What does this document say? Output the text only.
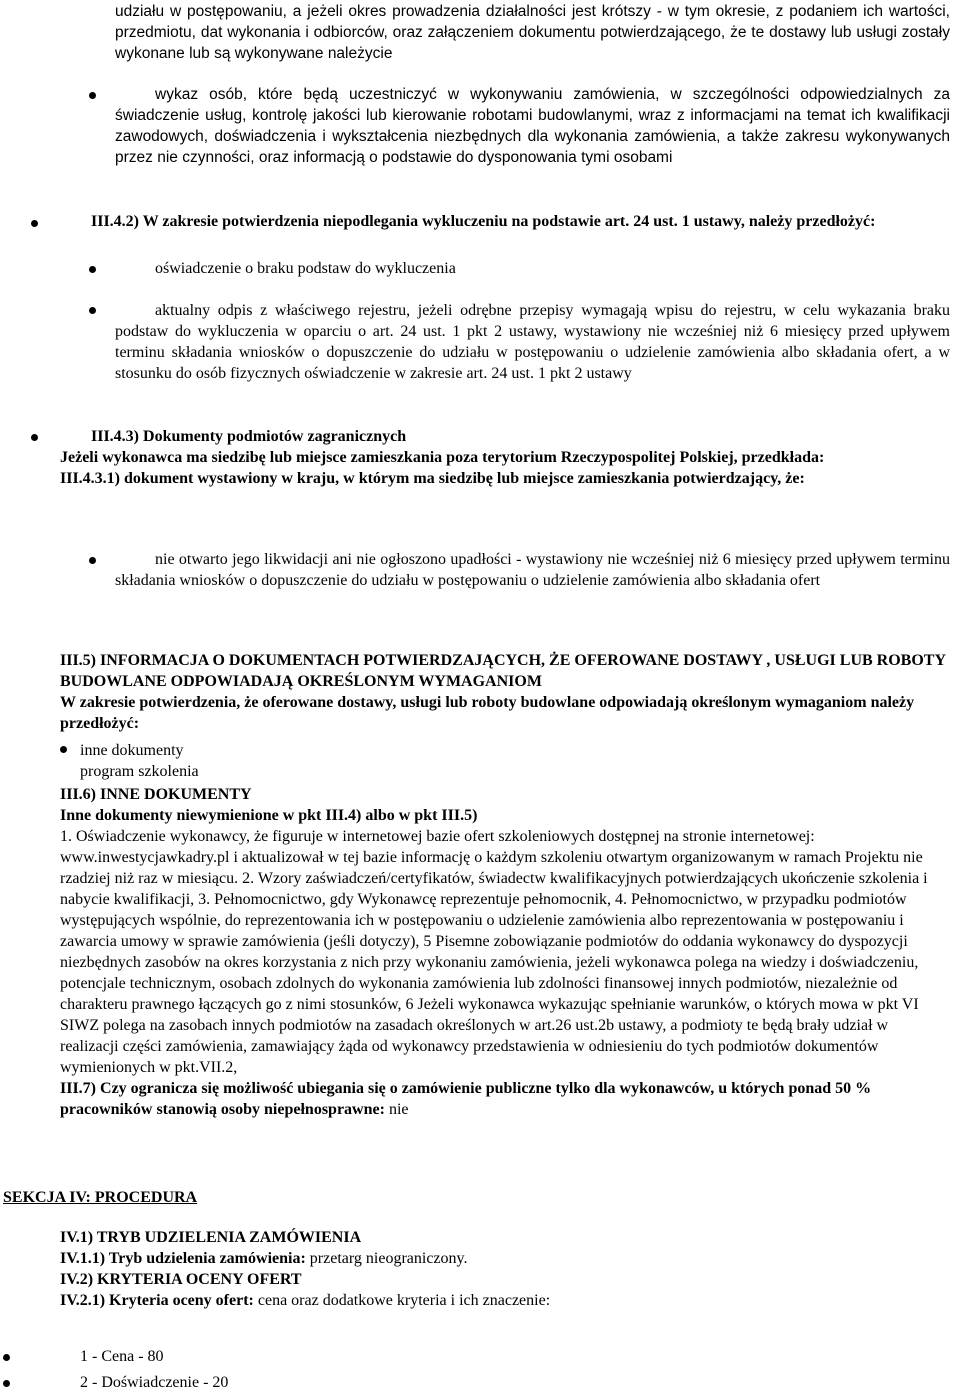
udziału w postępowaniu, a jeżeli okres prowadzenia działalności jest krótszy - w tym okresie, z podaniem ich wartości, przedmiotu, dat wykonania i odbiorców, oraz załączeniem dokumentu potwierdzającego, że te dostawy lub usługi zostały wykonane lub są wykonywane należycie

wykaz osób, które będą uczestniczyć w wykonywaniu zamówienia, w szczególności odpowiedzialnych za świadczenie usług, kontrolę jakości lub kierowanie robotami budowlanymi, wraz z informacjami na temat ich kwalifikacji zawodowych, doświadczenia i wykształcenia niezbędnych dla wykonania zamówienia, a także zakresu wykonywanych przez nie czynności, oraz informacją o podstawie do dysponowania tymi osobami

III.4.2) W zakresie potwierdzenia niepodlegania wykluczeniu na podstawie art. 24 ust. 1 ustawy, należy przedłożyć:

oświadczenie o braku podstaw do wykluczenia

aktualny odpis z właściwego rejestru, jeżeli odrębne przepisy wymagają wpisu do rejestru, w celu wykazania braku podstaw do wykluczenia w oparciu o art. 24 ust. 1 pkt 2 ustawy, wystawiony nie wcześniej niż 6 miesięcy przed upływem terminu składania wniosków o dopuszczenie do udziału w postępowaniu o udzielenie zamówienia albo składania ofert, a w stosunku do osób fizycznych oświadczenie w zakresie art. 24 ust. 1 pkt 2 ustawy

III.4.3) Dokumenty podmiotów zagranicznych

Jeżeli wykonawca ma siedzibę lub miejsce zamieszkania poza terytorium Rzeczypospolitej Polskiej, przedkłada:

III.4.3.1) dokument wystawiony w kraju, w którym ma siedzibę lub miejsce zamieszkania potwierdzający, że:

nie otwarto jego likwidacji ani nie ogłoszono upadłości - wystawiony nie wcześniej niż 6 miesięcy przed upływem terminu składania wniosków o dopuszczenie do udziału w postępowaniu o udzielenie zamówienia albo składania ofert

III.5) INFORMACJA O DOKUMENTACH POTWIERDZAJĄCYCH, ŻE OFEROWANE DOSTAWY , USŁUGI LUB ROBOTY BUDOWLANE ODPOWIADAJĄ OKREŚLONYM WYMAGANIOM

W zakresie potwierdzenia, że oferowane dostawy, usługi lub roboty budowlane odpowiadają określonym wymaganiom należy przedłożyć:

inne dokumenty

program szkolenia

III.6) INNE DOKUMENTY

Inne dokumenty niewymienione w pkt III.4) albo w pkt III.5)

1. Oświadczenie wykonawcy, że figuruje w internetowej bazie ofert szkoleniowych dostępnej na stronie internetowej: www.inwestycjawkadry.pl i aktualizował w tej bazie informację o każdym szkoleniu otwartym organizowanym w ramach Projektu nie rzadziej niż raz w miesiącu. 2. Wzory zaświadczeń/certyfikatów, świadectw kwalifikacyjnych potwierdzających ukończenie szkolenia i nabycie kwalifikacji, 3. Pełnomocnictwo, gdy Wykonawcę reprezentuje pełnomocnik, 4. Pełnomocnictwo, w przypadku podmiotów występujących wspólnie, do reprezentowania ich w postępowaniu o udzielenie zamówienia albo reprezentowania w postępowaniu i zawarcia umowy w sprawie zamówienia (jeśli dotyczy), 5 Pisemne zobowiązanie podmiotów do oddania wykonawcy do dyspozycji niezbędnych zasobów na okres korzystania z nich przy wykonaniu zamówienia, jeżeli wykonawca polega na wiedzy i doświadczeniu, potencjale technicznym, osobach zdolnych do wykonania zamówienia lub zdolności finansowej innych podmiotów, niezależnie od charakteru prawnego łączących go z nimi stosunków, 6 Jeżeli wykonawca wykazując spełnianie warunków, o których mowa w pkt VI SIWZ polega na zasobach innych podmiotów na zasadach określonych w art.26 ust.2b ustawy, a podmioty te będą brały udział w realizacji części zamówienia, zamawiający żąda od wykonawcy przedstawienia w odniesieniu do tych podmiotów dokumentów wymienionych w pkt.VII.2,

III.7) Czy ogranicza się możliwość ubiegania się o zamówienie publiczne tylko dla wykonawców, u których ponad 50 % pracowników stanowią osoby niepełnosprawne: nie

SEKCJA IV: PROCEDURA

IV.1) TRYB UDZIELENIA ZAMÓWIENIA

IV.1.1) Tryb udzielenia zamówienia: przetarg nieograniczony.

IV.2) KRYTERIA OCENY OFERT

IV.2.1) Kryteria oceny ofert: cena oraz dodatkowe kryteria i ich znaczenie:

1 - Cena - 80

2 - Doświadczenie - 20
